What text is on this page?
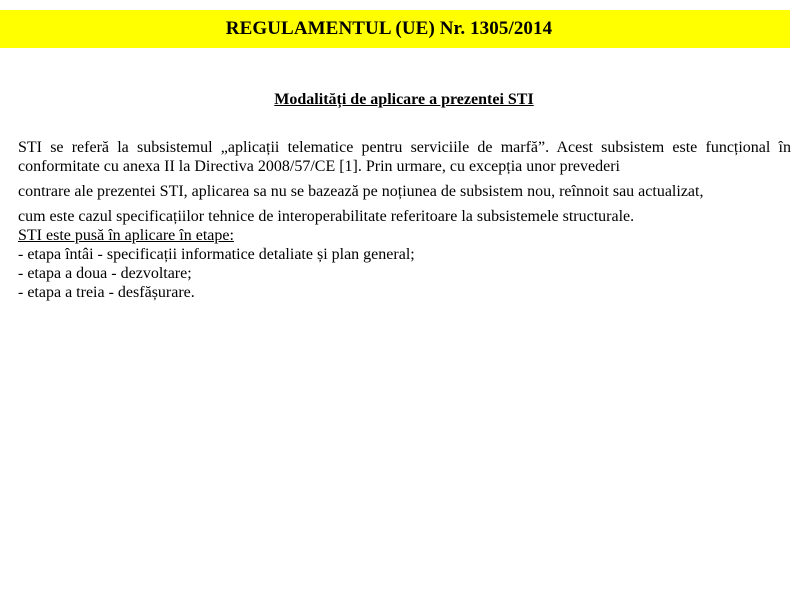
REGULAMENTUL (UE) Nr. 1305/2014
Modalități de aplicare a prezentei STI

STI se referă la subsistemul „aplicații telematice pentru serviciile de marfă”. Acest subsistem este funcțional în conformitate cu anexa II la Directiva 2008/57/CE [1]. Prin urmare, cu excepția unor prevederi

contrare ale prezentei STI, aplicarea sa nu se bazează pe noțiunea de subsistem nou, reînnoit sau actualizat,

cum este cazul specificațiilor tehnice de interoperabilitate referitoare la subsistemele structurale.

STI este pusă în aplicare în etape:

- etapa întâi - specificații informatice detaliate și plan general;

- etapa a doua - dezvoltare;

- etapa a treia - desfășurare.
